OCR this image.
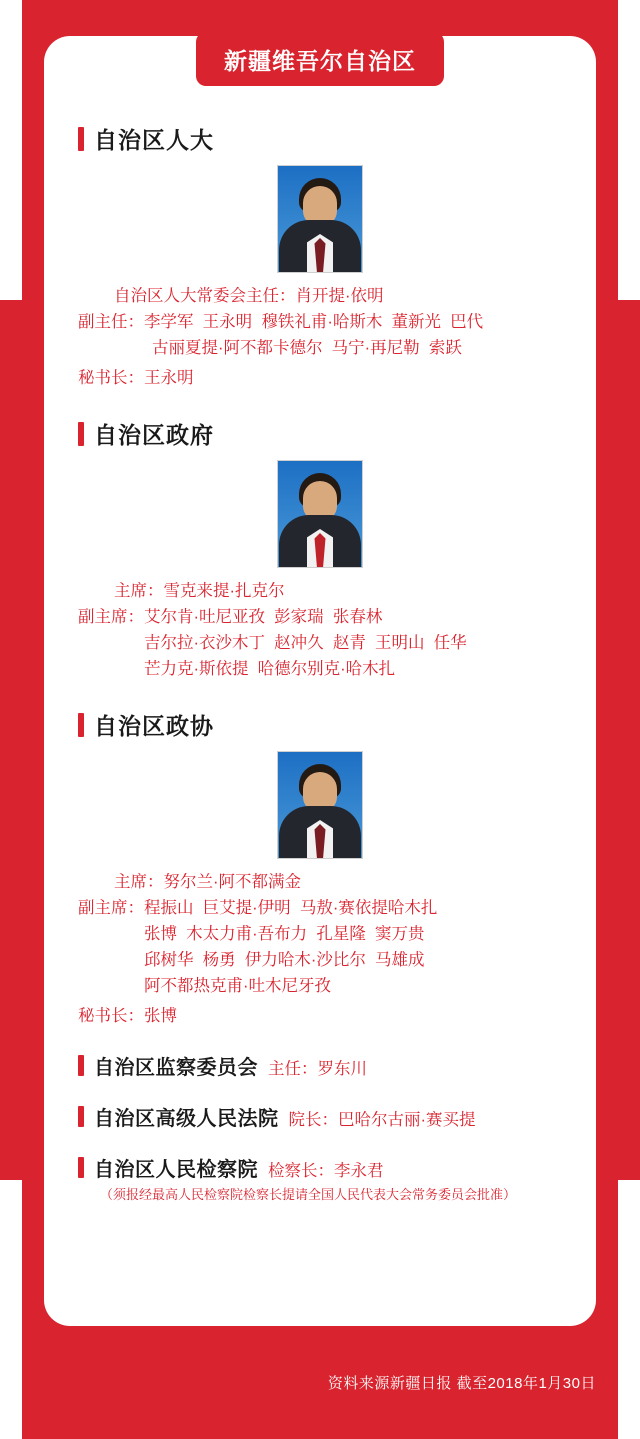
新疆维吾尔自治区
自治区人大
自治区人大常委会主任：肖开提·依明
副主任：李学军  王永明  穆铁礼甫·哈斯木  董新光  巴代
古丽夏提·阿不都卡德尔  马宁·再尼勒  索跃
秘书长：王永明
自治区政府
主席：雪克来提·扎克尔
副主席：艾尔肯·吐尼亚孜  彭家瑞  张春林
吉尔拉·衣沙木丁  赵冲久  赵青  王明山  任华
芒力克·斯依提  哈德尔别克·哈木扎
自治区政协
主席：努尔兰·阿不都满金
副主席：程振山  巨艾提·伊明  马敖·赛依提哈木扎
张博  木太力甫·吾布力  孔星隆  窦万贵
邱树华  杨勇  伊力哈木·沙比尔  马雄成
阿不都热克甫·吐木尼牙孜
秘书长：张博
自治区监察委员会 主任：罗东川
自治区高级人民法院 院长：巴哈尔古丽·赛买提
自治区人民检察院 检察长：李永君
（须报经最高人民检察院检察长提请全国人民代表大会常务委员会批准）
资料来源新疆日报 截至2018年1月30日
